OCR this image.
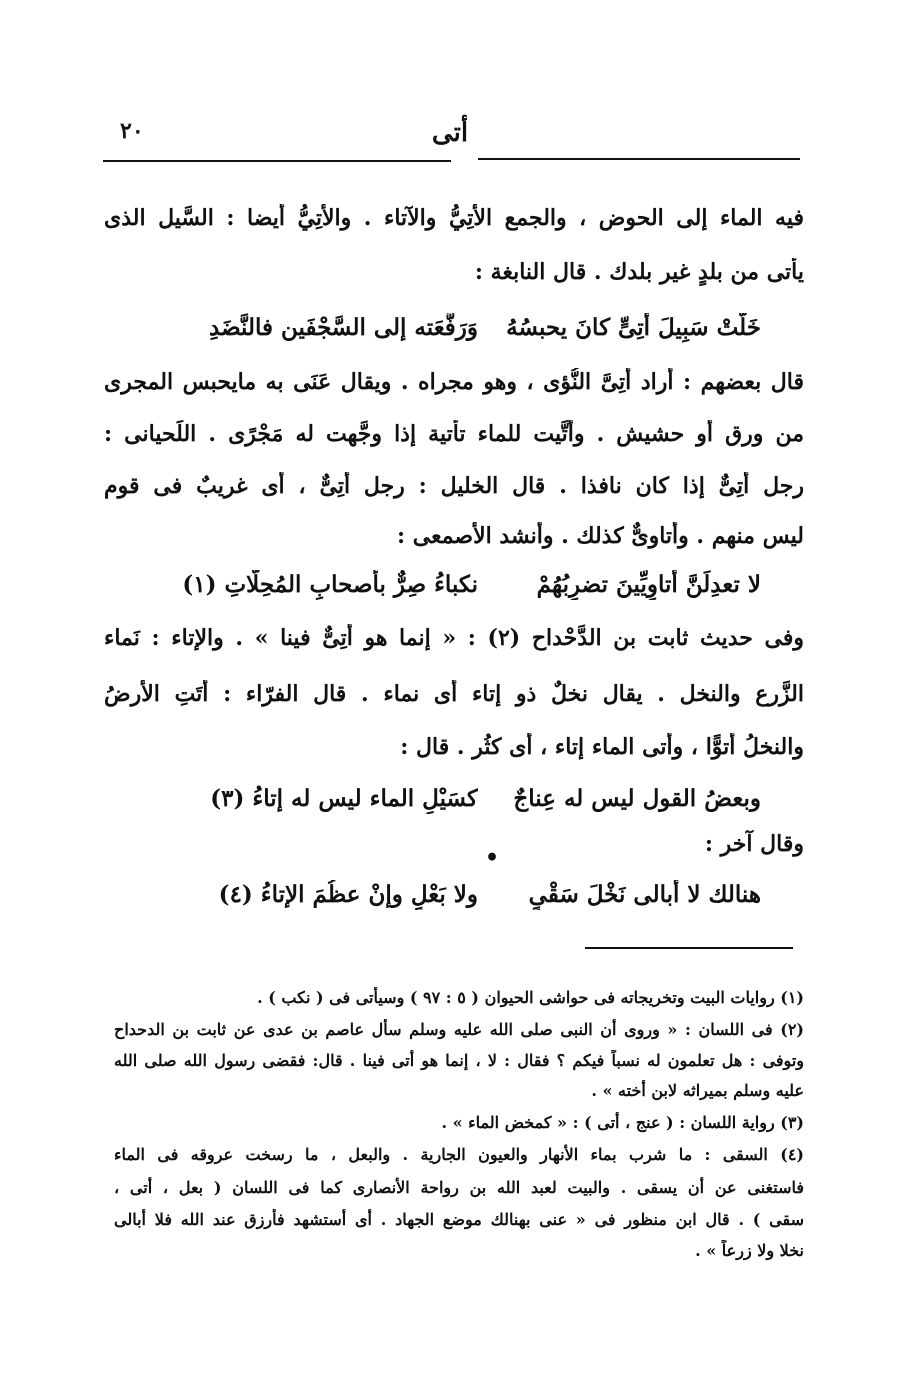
٢٠	أتى
فيه الماء إلى الحوض ، والجمع الأُتِيُّ والآتاء . والأَتِيُّ أيضا : السَّيل الذى
يأتى من بلدٍ غير بلدك . قال النابغة :
خَلَّتْ سَبِيلَ أتِىٍّ كانَ يحبسُهُ
وَرَفَّعَته إلى السَّجْفَين فالنَّضَدِ
قال بعضهم : أراد أتِىَّ النُّؤى ، وهو مجراه . ويقال عَنَى به مايحبس المجرى
من ورق أو حشيش . وأتَّيت للماء تأتية إذا وجَّهت له مَجْرًى . اللِّحيانى :
رجل أتِىٌّ إذا كان نافذا . قال الخليل : رجل أتِىٌّ ، أى غريبٌ فى قوم
ليس منهم . وأتاوىٌّ كذلك . وأنشد الأصمعى :
لا تعدِلَنَّ أتاوِيِّينَ تضرِبُهُمْ
نكباءُ صِرٌّ بأصحابِ المُحِلّاتِ (١)
وفى حديث ثابت بن الدَّحْداح (٢) : « إنما هو أتِىٌّ فينا » . والإتاء : نَماء
الزَّرع والنخل . يقال نخلٌ ذو إتاء أى نماء . قال الفرّاء : أتَتِ الأرضُ
والنخلُ أتوًّا ، وأتى الماء إتاء ، أى كثُر . قال :
وبعضُ القول ليس له عِناجٌ
كسَيْلِ الماء ليس له إتاءُ (٣)
وقال آخر :
•
هنالك لا أبالى نَخْلَ سَقْىٍ
ولا بَعْلٍ وإنْ عظُمَ الإتاءُ (٤)
(١) روايات البيت وتخريجاته فى حواشى الحيوان ( ٥ : ٩٧ ) وسيأتى فى ( نكب ) .
(٢) فى اللسان : « وروى أن النبى صلى الله عليه وسلم سأل عاصم بن عدى عن ثابت بن الدحداح
وتوفى : هل تعلمون له نسباً فيكم ؟ فقال : لا ، إنما هو أتى فينا . قال: فقضى رسول الله صلى الله
عليه وسلم بميراثه لابن أخته » .
(٣) رواية اللسان : ( عنج ، أتى ) : « كمخض الماء » .
(٤) السقى : ما شرب بماء الأنهار والعيون الجارية . والبعل ، ما رسخت عروقه فى الماء
فاستغنى عن أن يسقى . والبيت لعبد الله بن رواحة الأنصارى كما فى اللسان ( بعل ، أتى ،
سقى ) . قال ابن منظور فى « عنى بهنالك موضع الجهاد . أى أستشهد فأرزق عند الله فلا أبالى
نخلا ولا زرعاً » .
